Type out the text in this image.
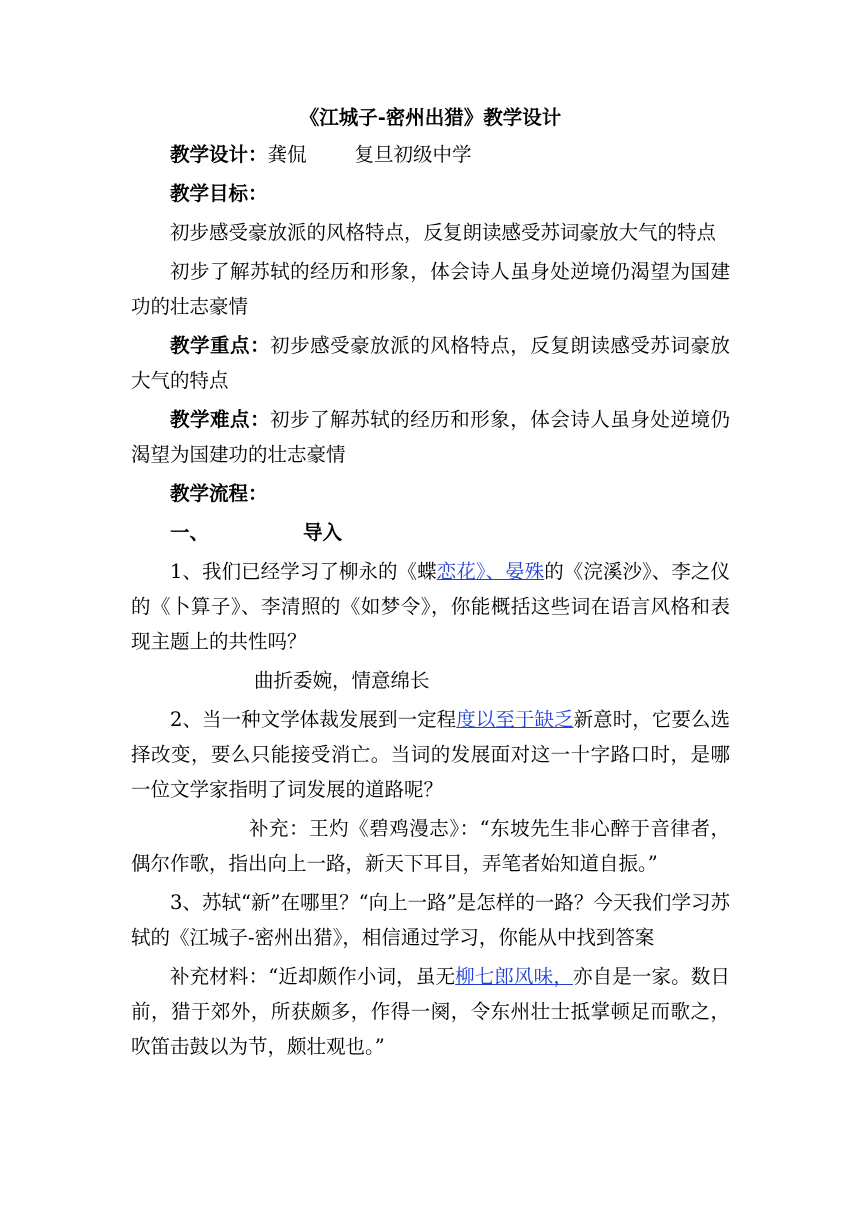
《江城子-密州出猎》教学设计

教学设计：龚侃 复旦初级中学

教学目标：

初步感受豪放派的风格特点，反复朗读感受苏词豪放大气的特点

初步了解苏轼的经历和形象，体会诗人虽身处逆境仍渴望为国建功的壮志豪情

教学重点：初步感受豪放派的风格特点，反复朗读感受苏词豪放大气的特点

教学难点：初步了解苏轼的经历和形象，体会诗人虽身处逆境仍渴望为国建功的壮志豪情

教学流程：

一、	导入

1、我们已经学习了柳永的《蝶恋花》、晏殊的《浣溪沙》、李之仪的《卜算子》、李清照的《如梦令》，你能概括这些词在语言风格和表现主题上的共性吗？

曲折委婉，情意绵长

2、当一种文学体裁发展到一定程度以至于缺乏新意时，它要么选择改变，要么只能接受消亡。当词的发展面对这一十字路口时，是哪一位文学家指明了词发展的道路呢？

补充：王灼《碧鸡漫志》：“东坡先生非心醉于音律者，偶尔作歌，指出向上一路，新天下耳目，弄笔者始知道自振。”

3、苏轼“新”在哪里？“向上一路”是怎样的一路？今天我们学习苏轼的《江城子-密州出猎》，相信通过学习，你能从中找到答案

补充材料：“近却颇作小词，虽无柳七郎风味，亦自是一家。数日前，猎于郊外，所获颇多，作得一阕，令东州壮士抵掌顿足而歌之，吹笛击鼓以为节，颇壮观也。”
